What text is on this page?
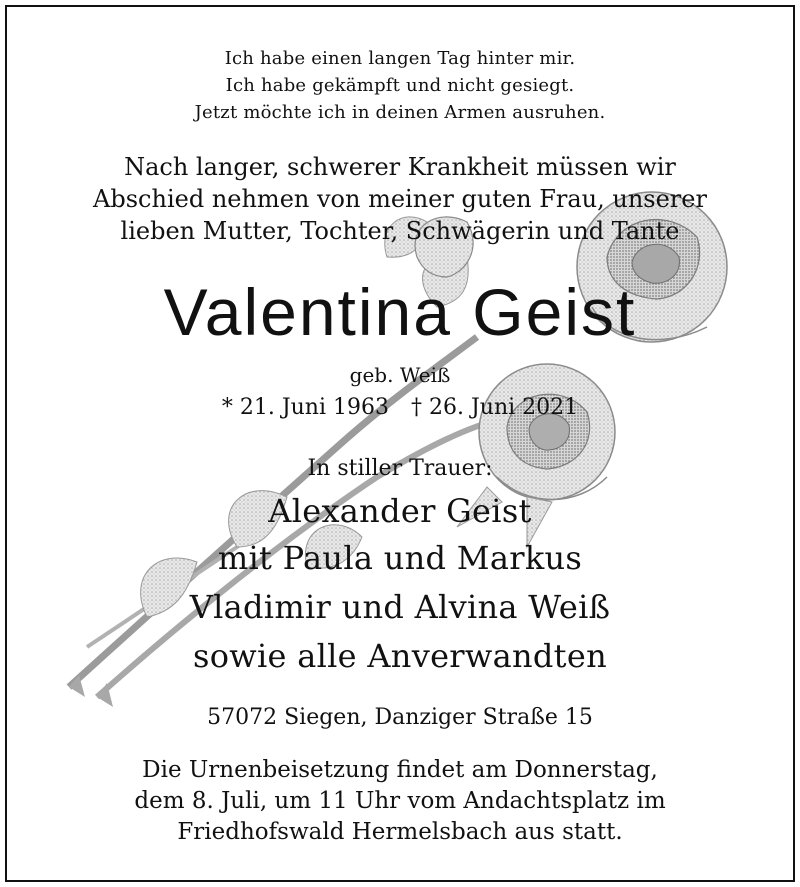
Ich habe einen langen Tag hinter mir.
Ich habe gekämpft und nicht gesiegt.
Jetzt möchte ich in deinen Armen ausruhen.
Nach langer, schwerer Krankheit müssen wir
Abschied nehmen von meiner guten Frau, unserer
lieben Mutter, Tochter, Schwägerin und Tante
Valentina Geist
geb. Weiß
* 21. Juni 1963 † 26. Juni 2021
In stiller Trauer:
Alexander Geist
mit Paula und Markus
Vladimir und Alvina Weiß
sowie alle Anverwandten
57072 Siegen, Danziger Straße 15
Die Urnenbeisetzung findet am Donnerstag,
dem 8. Juli, um 11 Uhr vom Andachtsplatz im
Friedhofswald Hermelsbach aus statt.
